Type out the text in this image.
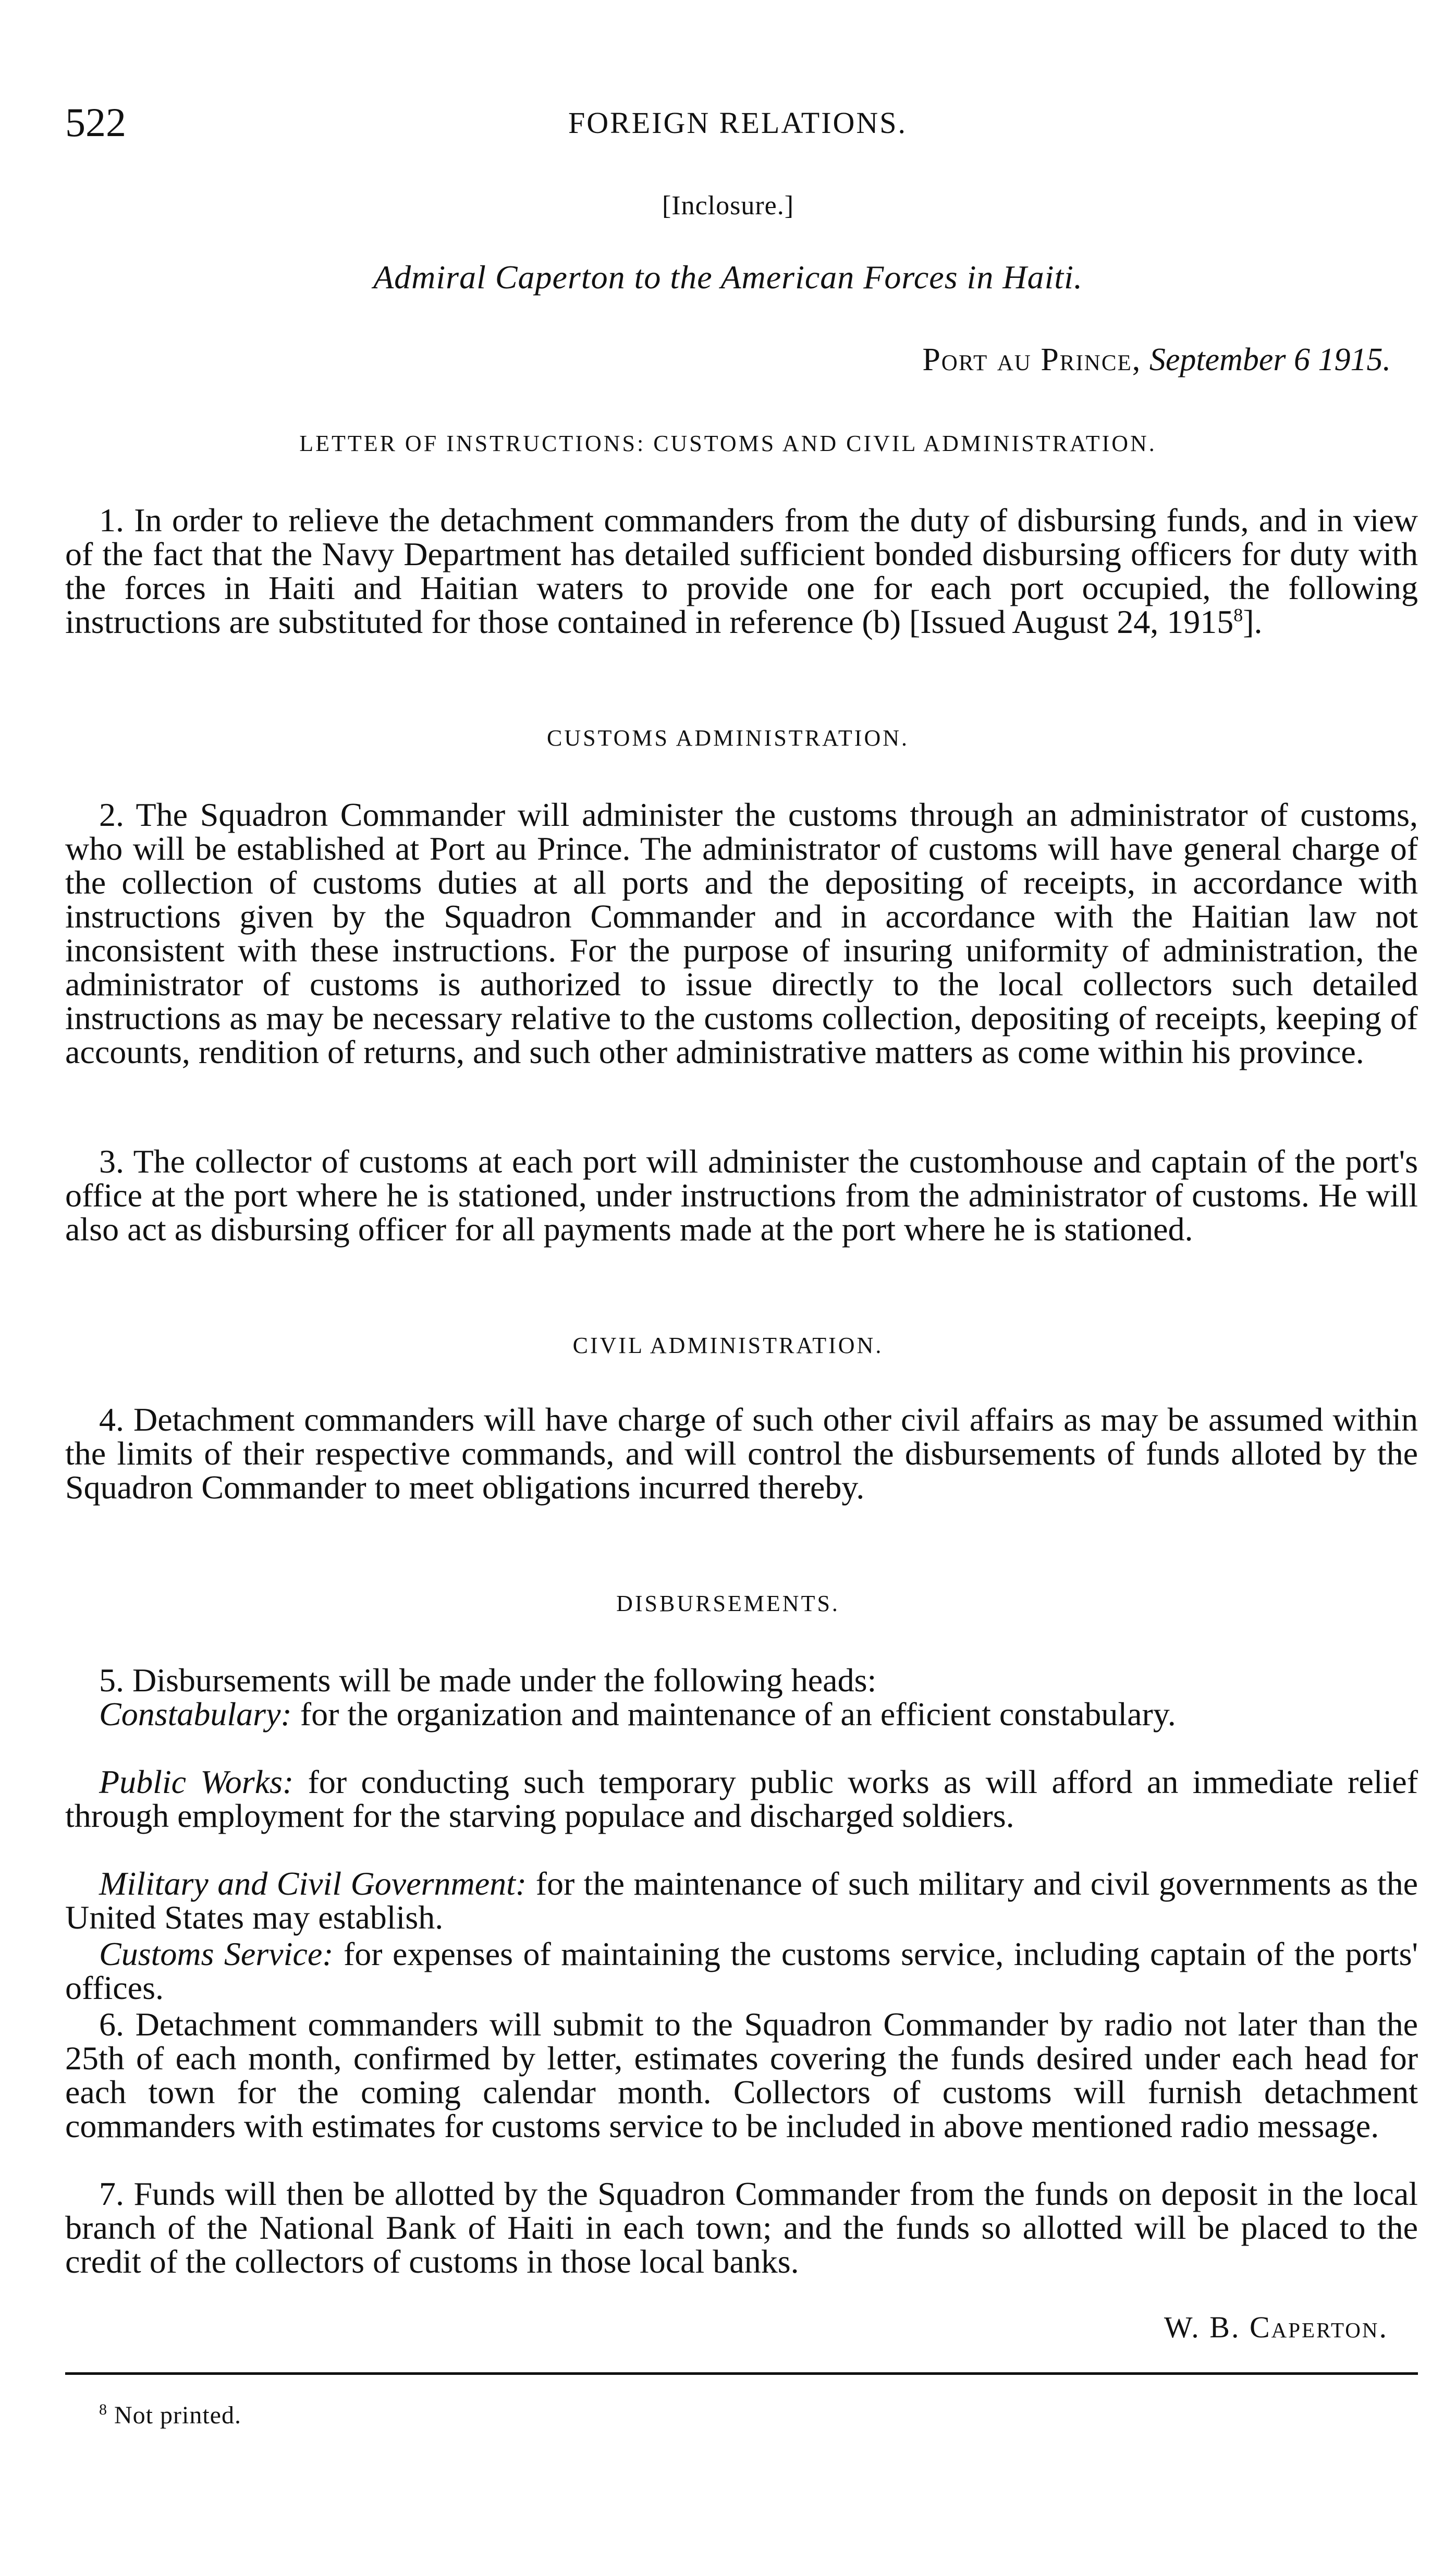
522	FOREIGN RELATIONS.
[Inclosure.]
Admiral Caperton to the American Forces in Haiti.
Port au Prince, September 6 1915.
LETTER OF INSTRUCTIONS: CUSTOMS AND CIVIL ADMINISTRATION.

1. In order to relieve the detachment commanders from the duty of disbursing funds, and in view of the fact that the Navy Department has detailed sufficient bonded disbursing officers for duty with the forces in Haiti and Haitian waters to provide one for each port occupied, the following instructions are substituted for those contained in reference (b) [Issued August 24, 1915$^8$].

CUSTOMS ADMINISTRATION.

2. The Squadron Commander will administer the customs through an administrator of customs, who will be established at Port au Prince. The administrator of customs will have general charge of the collection of customs duties at all ports and the depositing of receipts, in accordance with instructions given by the Squadron Commander and in accordance with the Haitian law not inconsistent with these instructions. For the purpose of insuring uniformity of administration, the administrator of customs is authorized to issue directly to the local collectors such detailed instructions as may be necessary relative to the customs collection, depositing of receipts, keeping of accounts, rendition of returns, and such other administrative matters as come within his province.

3. The collector of customs at each port will administer the customhouse and captain of the port's office at the port where he is stationed, under instructions from the administrator of customs. He will also act as disbursing officer for all payments made at the port where he is stationed.

CIVIL ADMINISTRATION.

4. Detachment commanders will have charge of such other civil affairs as may be assumed within the limits of their respective commands, and will control the disbursements of funds alloted by the Squadron Commander to meet obligations incurred thereby.

DISBURSEMENTS.

5. Disbursements will be made under the following heads:

Constabulary: for the organization and maintenance of an efficient constabulary.

Public Works: for conducting such temporary public works as will afford an immediate relief through employment for the starving populace and discharged soldiers.

Military and Civil Government: for the maintenance of such military and civil governments as the United States may establish.

Customs Service: for expenses of maintaining the customs service, including captain of the ports' offices.

6. Detachment commanders will submit to the Squadron Commander by radio not later than the 25th of each month, confirmed by letter, estimates covering the funds desired under each head for each town for the coming calendar month. Collectors of customs will furnish detachment commanders with estimates for customs service to be included in above mentioned radio message.

7. Funds will then be allotted by the Squadron Commander from the funds on deposit in the local branch of the National Bank of Haiti in each town; and the funds so allotted will be placed to the credit of the collectors of customs in those local banks.

W. B. Caperton.
$^8$ Not printed.
